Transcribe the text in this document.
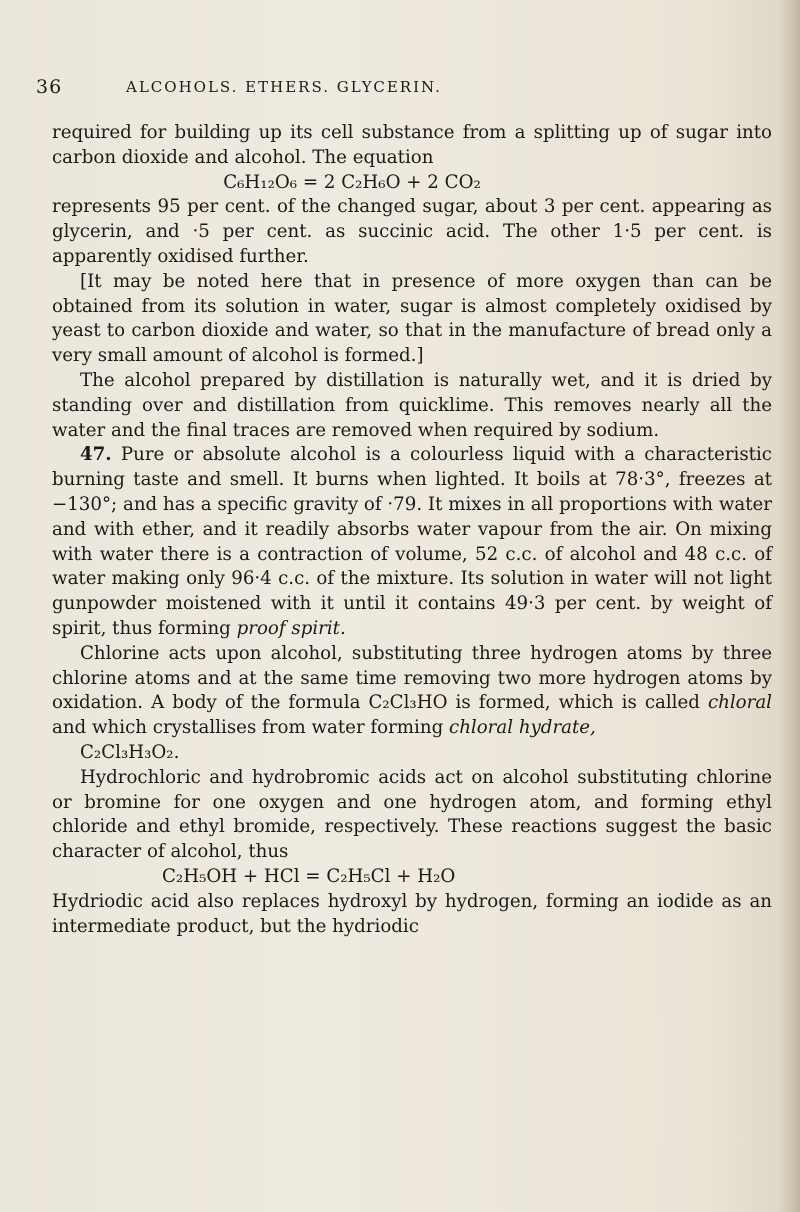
36	ALCOHOLS. ETHERS. GLYCERIN.

required for building up its cell substance from a splitting up of sugar into carbon dioxide and alcohol. The equation

C₆H₁₂O₆ = 2 C₂H₆O + 2 CO₂

represents 95 per cent. of the changed sugar, about 3 per cent. appearing as glycerin, and ·5 per cent. as succinic acid. The other 1·5 per cent. is apparently oxidised further.

[It may be noted here that in presence of more oxygen than can be obtained from its solution in water, sugar is almost completely oxidised by yeast to carbon dioxide and water, so that in the manufacture of bread only a very small amount of alcohol is formed.]

The alcohol prepared by distillation is naturally wet, and it is dried by standing over and distillation from quicklime. This removes nearly all the water and the final traces are removed when required by sodium.

47. Pure or absolute alcohol is a colourless liquid with a characteristic burning taste and smell. It burns when lighted. It boils at 78·3°, freezes at −130°; and has a specific gravity of ·79. It mixes in all proportions with water and with ether, and it readily absorbs water vapour from the air. On mixing with water there is a contraction of volume, 52 c.c. of alcohol and 48 c.c. of water making only 96·4 c.c. of the mixture. Its solution in water will not light gunpowder moistened with it until it contains 49·3 per cent. by weight of spirit, thus forming proof spirit.

Chlorine acts upon alcohol, substituting three hydrogen atoms by three chlorine atoms and at the same time removing two more hydrogen atoms by oxidation. A body of the formula C₂Cl₃HO is formed, which is called chloral and which crystallises from water forming chloral hydrate,
C₂Cl₃H₃O₂.

Hydrochloric and hydrobromic acids act on alcohol substituting chlorine or bromine for one oxygen and one hydrogen atom, and forming ethyl chloride and ethyl bromide, respectively. These reactions suggest the basic character of alcohol, thus

C₂H₅OH + HCl = C₂H₅Cl + H₂O

Hydriodic acid also replaces hydroxyl by hydrogen, forming an iodide as an intermediate product, but the hydriodic
